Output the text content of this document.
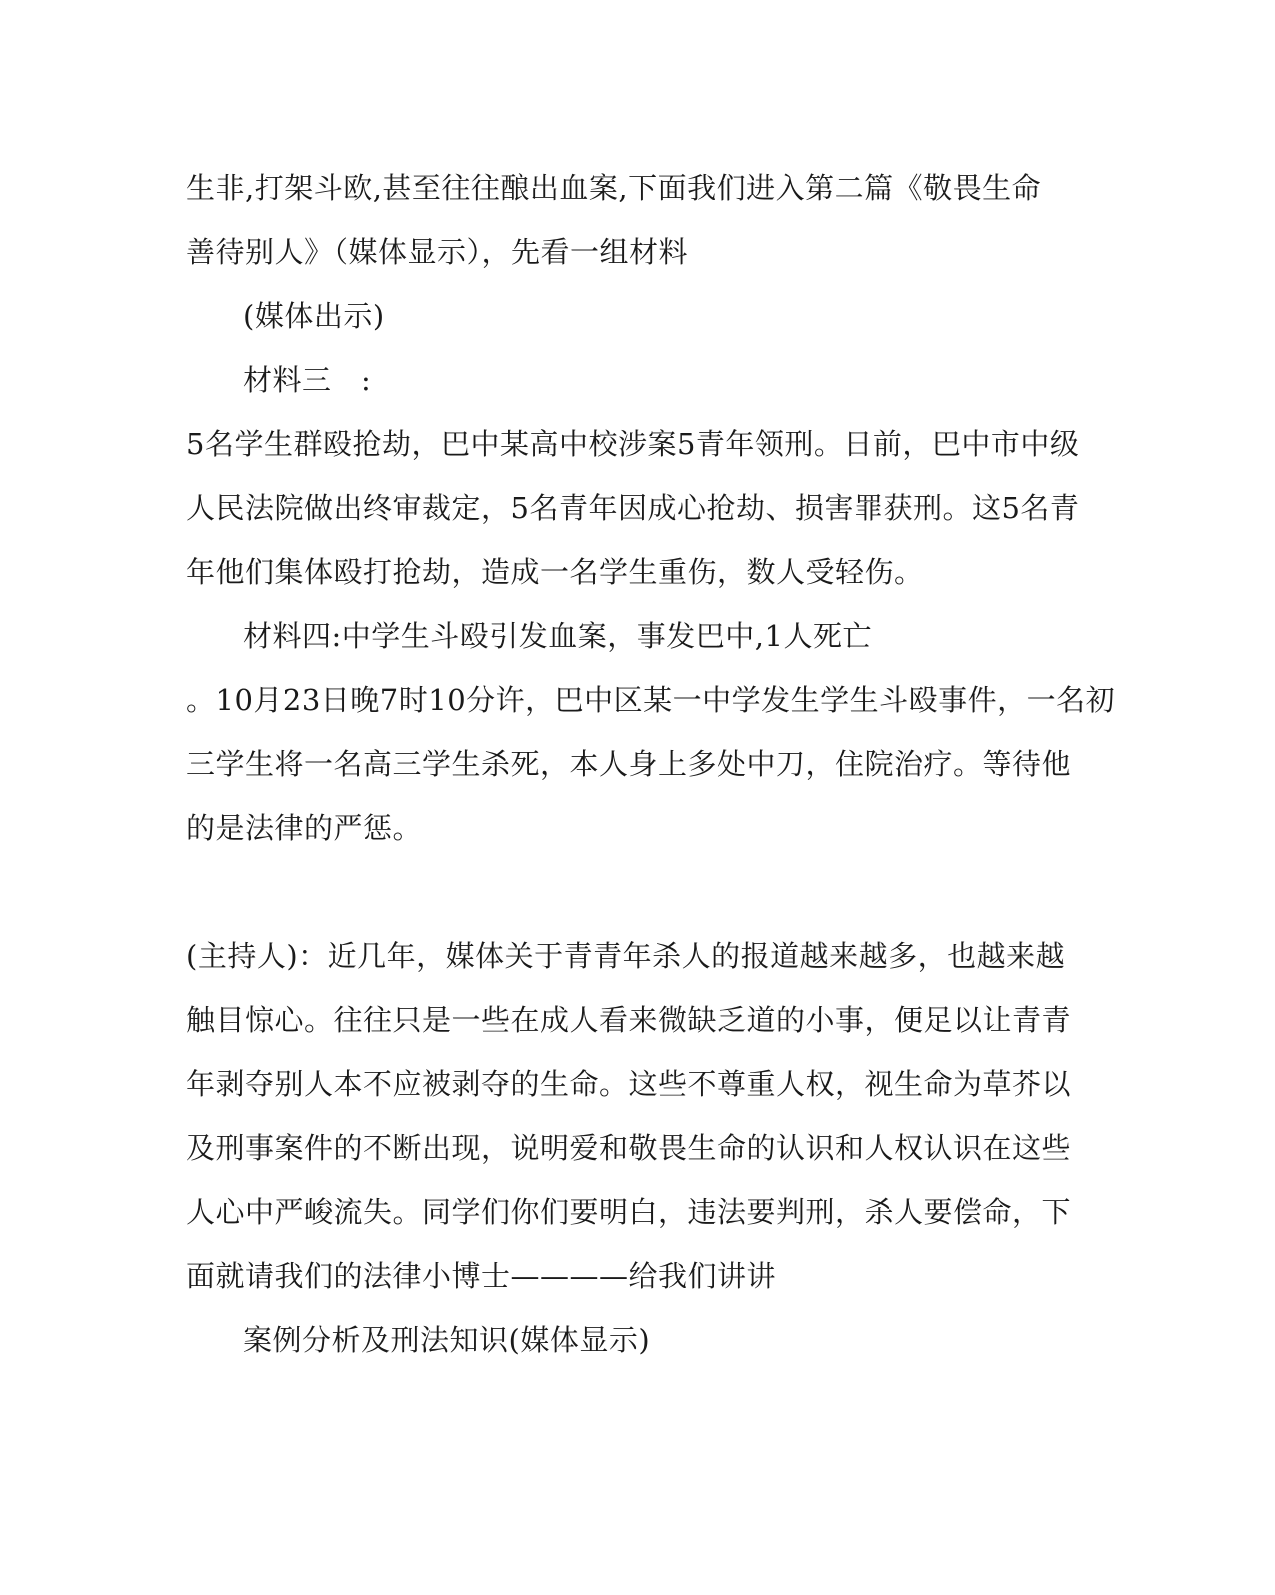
生非,打架斗欧,甚至往往酿出血案,下面我们进入第二篇《敬畏生命
善待别人》（媒体显示），先看一组材料
(媒体出示)
材料三　:
5名学生群殴抢劫，巴中某高中校涉案5青年领刑。日前，巴中市中级
人民法院做出终审裁定，5名青年因成心抢劫、损害罪获刑。这5名青
年他们集体殴打抢劫，造成一名学生重伤，数人受轻伤。
材料四:中学生斗殴引发血案，事发巴中,1人死亡
。10月23日晚7时10分许，巴中区某一中学发生学生斗殴事件，一名初
三学生将一名高三学生杀死，本人身上多处中刀，住院治疗。等待他
的是法律的严惩。
(主持人)：近几年，媒体关于青青年杀人的报道越来越多，也越来越
触目惊心。往往只是一些在成人看来微缺乏道的小事，便足以让青青
年剥夺别人本不应被剥夺的生命。这些不尊重人权，视生命为草芥以
及刑事案件的不断出现，说明爱和敬畏生命的认识和人权认识在这些
人心中严峻流失。同学们你们要明白，违法要判刑，杀人要偿命，下
面就请我们的法律小博士————给我们讲讲
案例分析及刑法知识(媒体显示)
